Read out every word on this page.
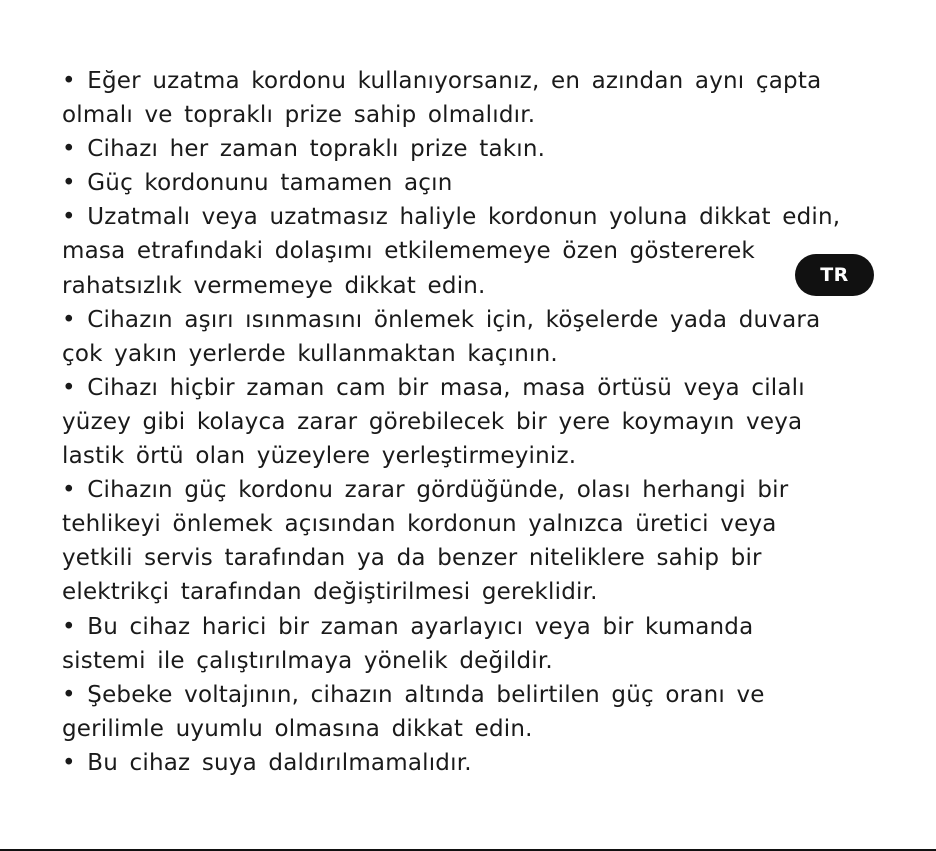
• Eğer uzatma kordonu kullanıyorsanız, en azından aynı çapta
olmalı ve topraklı prize sahip olmalıdır.
• Cihazı her zaman topraklı prize takın.
• Güç kordonunu tamamen açın
• Uzatmalı veya uzatmasız haliyle kordonun yoluna dikkat edin,
masa etrafındaki dolaşımı etkilememeye özen göstererek
rahatsızlık vermemeye dikkat edin.
• Cihazın aşırı ısınmasını önlemek için, köşelerde yada duvara
çok yakın yerlerde kullanmaktan kaçının.
• Cihazı hiçbir zaman cam bir masa, masa örtüsü veya cilalı
yüzey gibi kolayca zarar görebilecek bir yere koymayın veya
lastik örtü olan yüzeylere yerleştirmeyiniz.
• Cihazın güç kordonu zarar gördüğünde, olası herhangi bir
tehlikeyi önlemek açısından kordonun yalnızca üretici veya
yetkili servis tarafından ya da benzer niteliklere sahip bir
elektrikçi tarafından değiştirilmesi gereklidir.
• Bu cihaz harici bir zaman ayarlayıcı veya bir kumanda
sistemi ile çalıştırılmaya yönelik değildir.
• Şebeke voltajının, cihazın altında belirtilen güç oranı ve
gerilimle uyumlu olmasına dikkat edin.
• Bu cihaz suya daldırılmamalıdır.
TR
